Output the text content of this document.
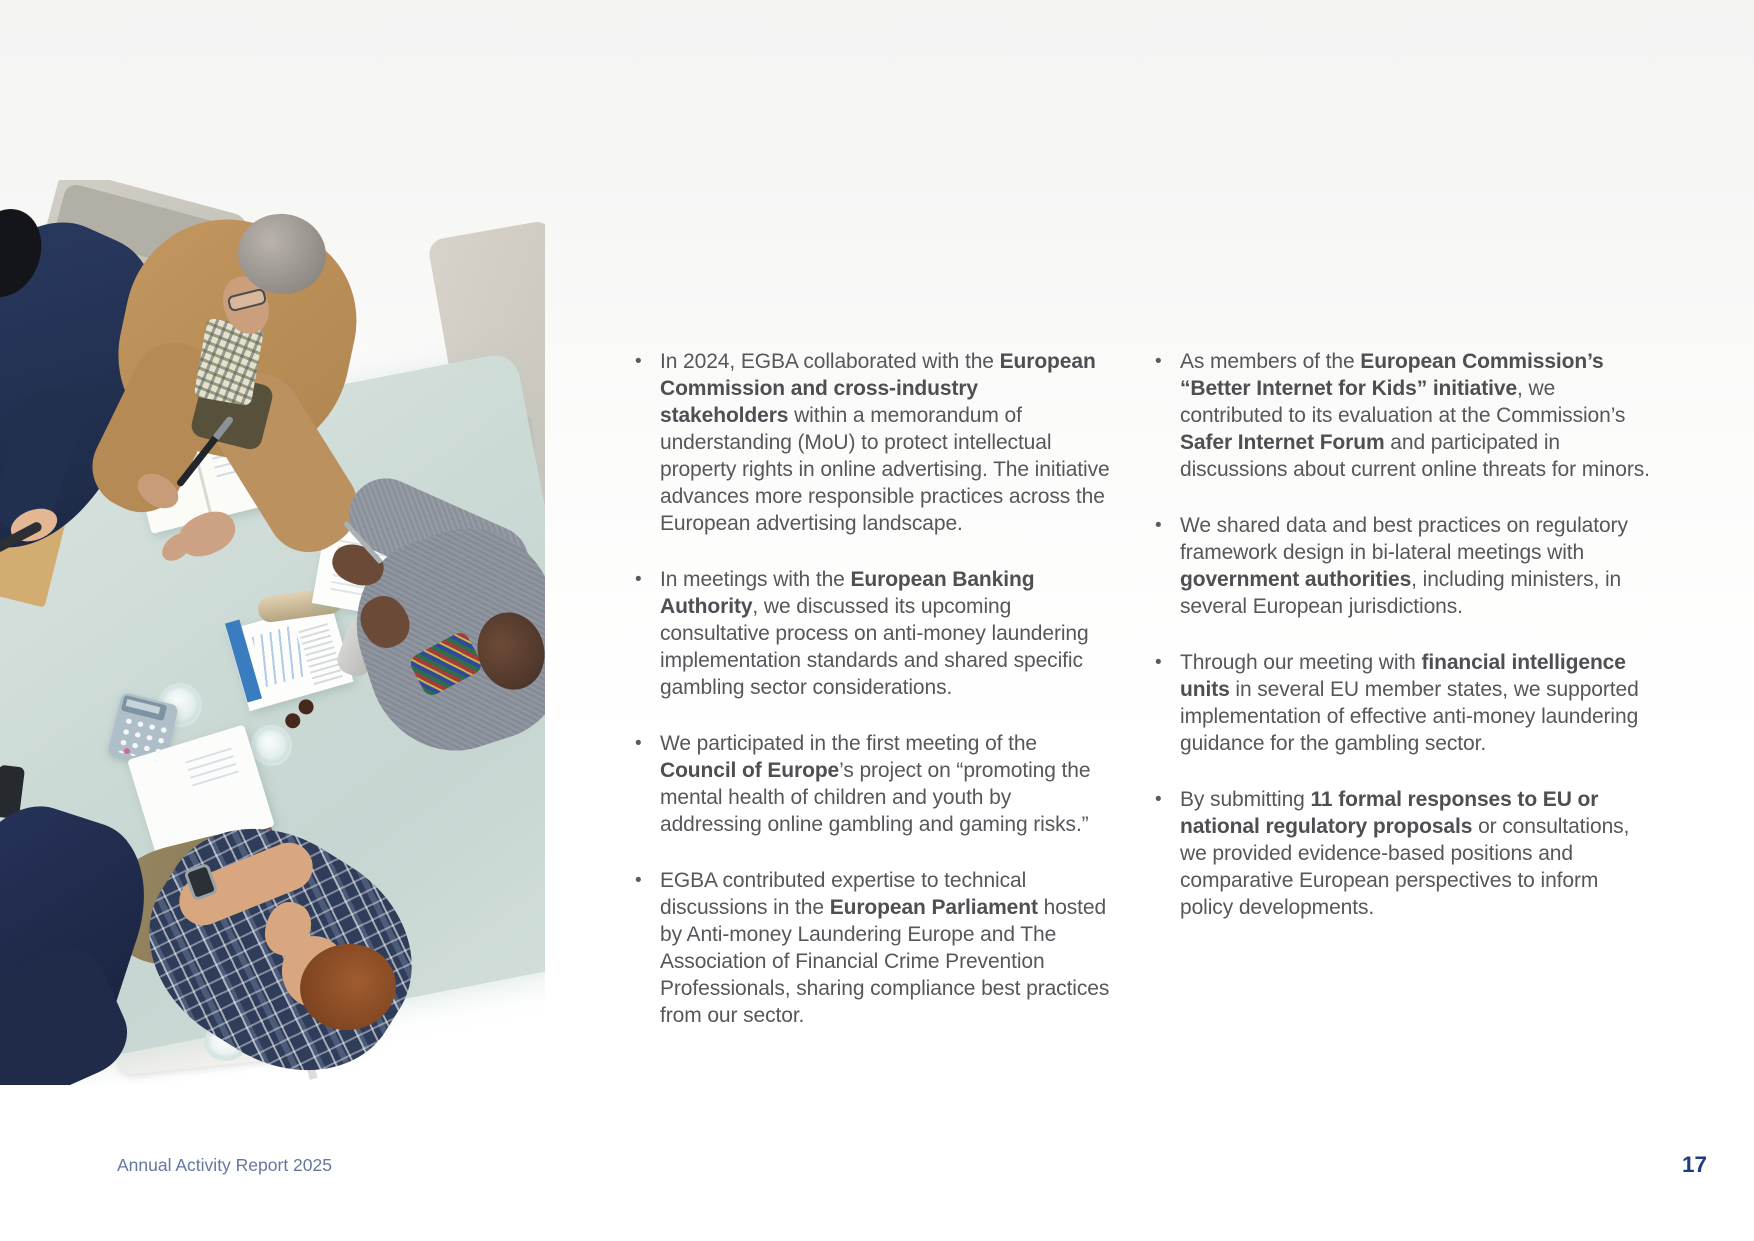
• In 2024, EGBA collaborated with the European Commission and cross-industry stakeholders within a memorandum of understanding (MoU) to protect intellectual property rights in online advertising. The initiative advances more responsible practices across the European advertising landscape.
• In meetings with the European Banking Authority, we discussed its upcoming consultative process on anti-money laundering implementation standards and shared specific gambling sector considerations.
• We participated in the first meeting of the Council of Europe’s project on “promoting the mental health of children and youth by addressing online gambling and gaming risks.”
• EGBA contributed expertise to technical discussions in the European Parliament hosted by Anti-money Laundering Europe and The Association of Financial Crime Prevention Professionals, sharing compliance best practices from our sector.
• As members of the European Commission’s “Better Internet for Kids” initiative, we contributed to its evaluation at the Commission’s Safer Internet Forum and participated in discussions about current online threats for minors.
• We shared data and best practices on regulatory framework design in bi-lateral meetings with government authorities, including ministers, in several European jurisdictions.
• Through our meeting with financial intelligence units in several EU member states, we supported implementation of effective anti-money laundering guidance for the gambling sector.
• By submitting 11 formal responses to EU or national regulatory proposals or consultations, we provided evidence-based positions and comparative European perspectives to inform policy developments.
Annual Activity Report 2025	17
